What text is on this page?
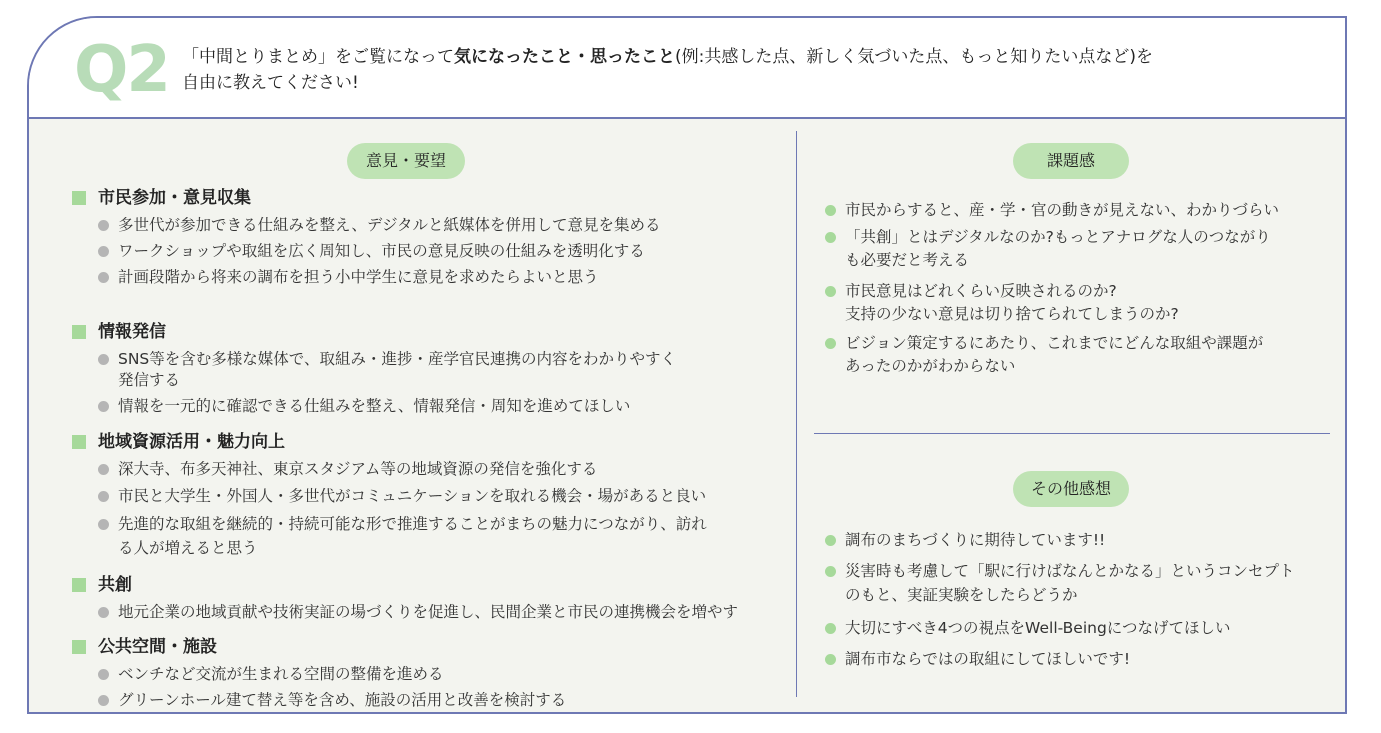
Q2 「中間とりまとめ」をご覧になって気になったこと・思ったこと(例:共感した点、新しく気づいた点、もっと知りたい点など)を
自由に教えてください!
意見・要望
市民参加・意見収集
多世代が参加できる仕組みを整え、デジタルと紙媒体を併用して意見を集める
ワークショップや取組を広く周知し、市民の意見反映の仕組みを透明化する
計画段階から将来の調布を担う小中学生に意見を求めたらよいと思う
情報発信
SNS等を含む多様な媒体で、取組み・進捗・産学官民連携の内容をわかりやすく
発信する
情報を一元的に確認できる仕組みを整え、情報発信・周知を進めてほしい
地域資源活用・魅力向上
深大寺、布多天神社、東京スタジアム等の地域資源の発信を強化する
市民と大学生・外国人・多世代がコミュニケーションを取れる機会・場があると良い
先進的な取組を継続的・持続可能な形で推進することがまちの魅力につながり、訪れ
る人が増えると思う
共創
地元企業の地域貢献や技術実証の場づくりを促進し、民間企業と市民の連携機会を増やす
公共空間・施設
ベンチなど交流が生まれる空間の整備を進める
グリーンホール建て替え等を含め、施設の活用と改善を検討する
課題感
市民からすると、産・学・官の動きが見えない、わかりづらい
「共創」とはデジタルなのか?もっとアナログな人のつながり
も必要だと考える
市民意見はどれくらい反映されるのか?
支持の少ない意見は切り捨てられてしまうのか?
ビジョン策定するにあたり、これまでにどんな取組や課題が
あったのかがわからない
その他感想
調布のまちづくりに期待しています!!
災害時も考慮して「駅に行けばなんとかなる」というコンセプト
のもと、実証実験をしたらどうか
大切にすべき4つの視点をWell-Beingにつなげてほしい
調布市ならではの取組にしてほしいです!
